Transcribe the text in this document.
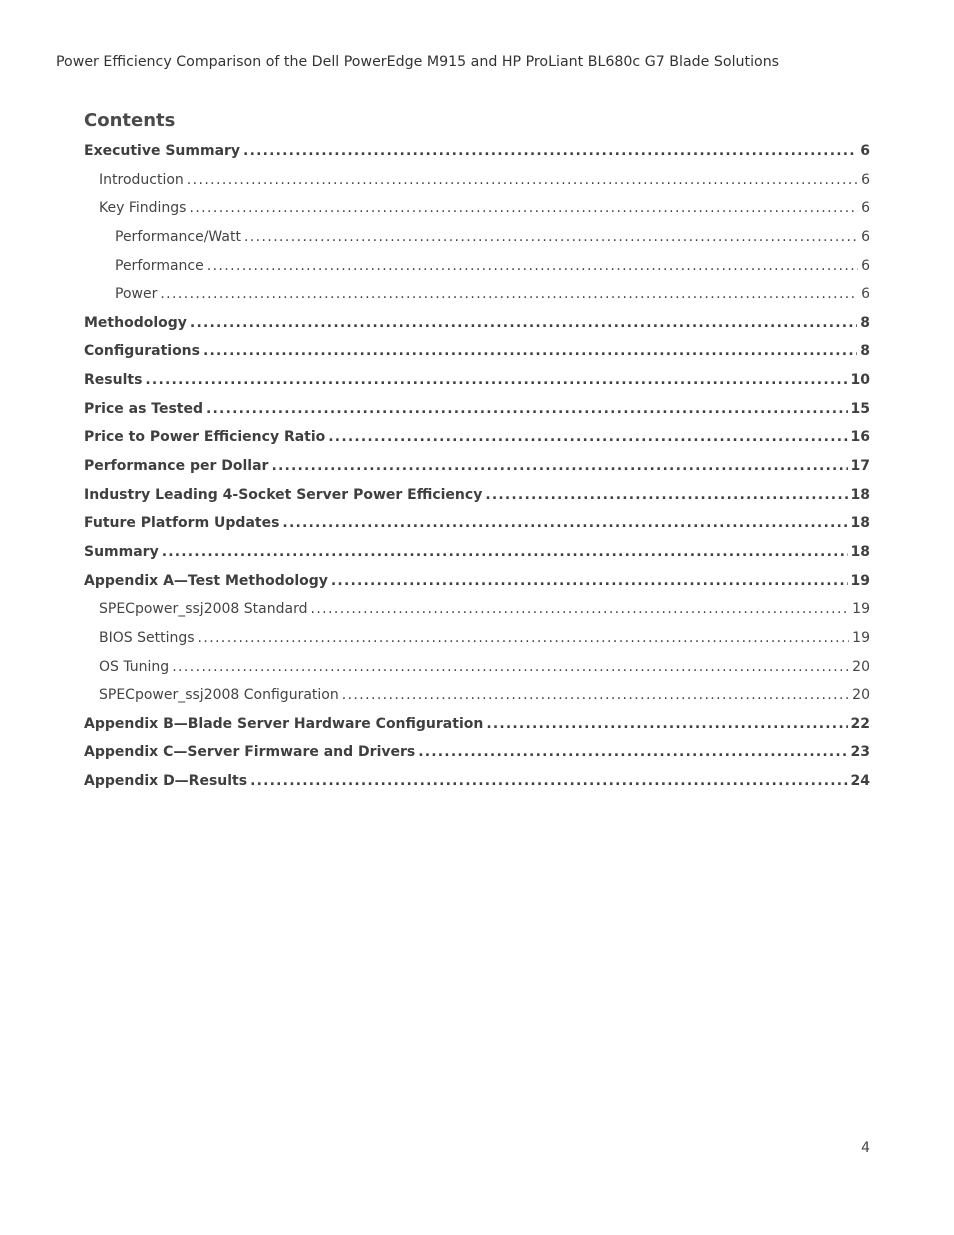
Power Efficiency Comparison of the Dell PowerEdge M915 and HP ProLiant BL680c G7 Blade Solutions
Contents
Executive Summary .....	6
Introduction .....	6
Key Findings .....	6
Performance/Watt .....	6
Performance .....	6
Power .....	6
Methodology .....	8
Configurations .....	8
Results .....	10
Price as Tested .....	15
Price to Power Efficiency Ratio .....	16
Performance per Dollar .....	17
Industry Leading 4-Socket Server Power Efficiency .....	18
Future Platform Updates .....	18
Summary .....	18
Appendix A—Test Methodology .....	19
SPECpower_ssj2008 Standard .....	19
BIOS Settings .....	19
OS Tuning .....	20
SPECpower_ssj2008 Configuration .....	20
Appendix B—Blade Server Hardware Configuration .....	22
Appendix C—Server Firmware and Drivers .....	23
Appendix D—Results .....	24
4
